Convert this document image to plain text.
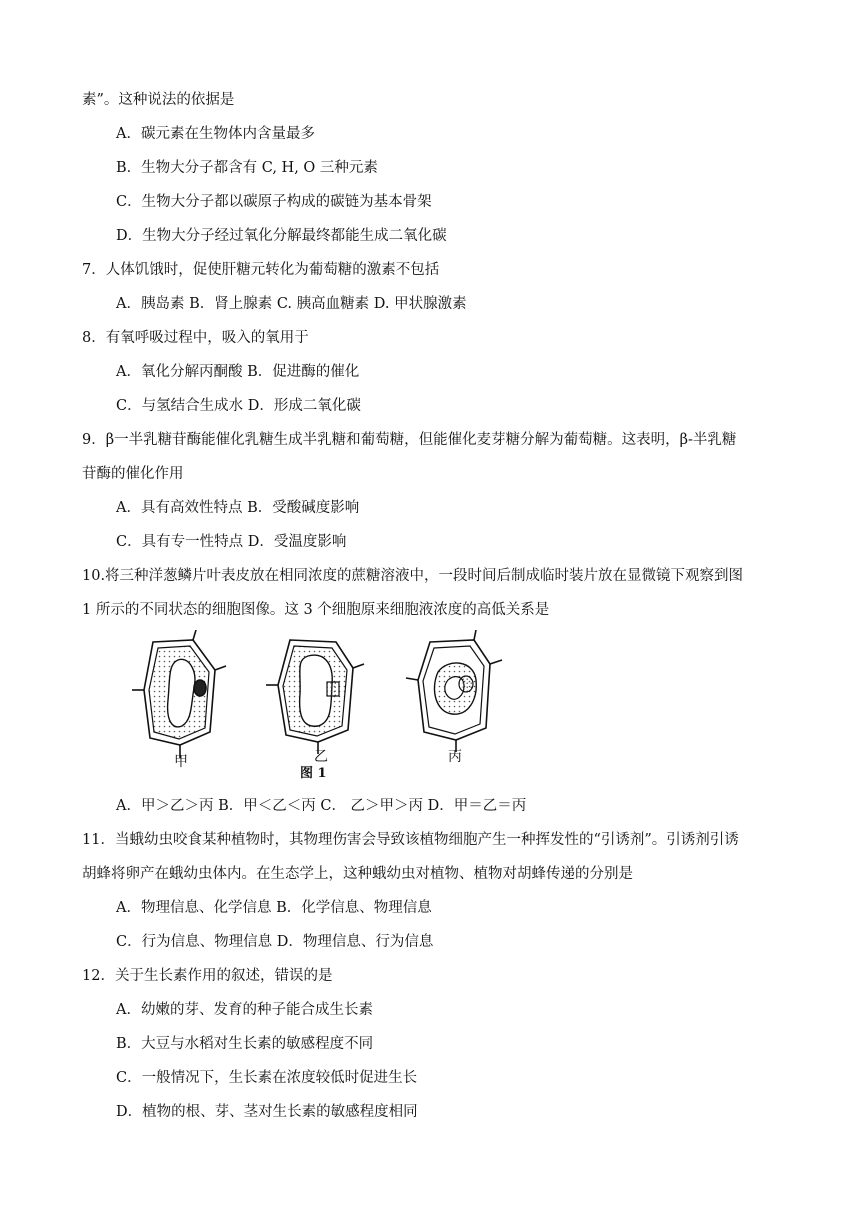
素”。这种说法的依据是
A．碳元素在生物体内含量最多
B．生物大分子都含有 C, H, O 三种元素
C．生物大分子都以碳原子构成的碳链为基本骨架
D．生物大分子经过氧化分解最终都能生成二氧化碳
7．人体饥饿时，促使肝糖元转化为葡萄糖的激素不包括
A．胰岛素 B．肾上腺素 C. 胰高血糖素 D. 甲状腺激素
8．有氧呼吸过程中，吸入的氧用于
A．氧化分解丙酮酸 B．促进酶的催化
C．与氢结合生成水 D．形成二氧化碳
9．β一半乳糖苷酶能催化乳糖生成半乳糖和葡萄糖，但能催化麦芽糖分解为葡萄糖。这表明，β-半乳糖
苷酶的催化作用
A．具有高效性特点 B．受酸碱度影响
C．具有专一性特点 D．受温度影响
10.将三种洋葱鳞片叶表皮放在相同浓度的蔗糖溶液中，一段时间后制成临时装片放在显微镜下观察到图
1 所示的不同状态的细胞图像。这 3 个细胞原来细胞液浓度的高低关系是
甲	乙	丙
图 1
A．甲＞乙＞丙 B．甲＜乙＜丙 C． 乙＞甲＞丙 D．甲＝乙＝丙
11．当蛾幼虫咬食某种植物时，其物理伤害会导致该植物细胞产生一种挥发性的“引诱剂”。引诱剂引诱
胡蜂将卵产在蛾幼虫体内。在生态学上，这种蛾幼虫对植物、植物对胡蜂传递的分别是
A．物理信息、化学信息 B．化学信息、物理信息
C．行为信息、物理信息 D．物理信息、行为信息
12．关于生长素作用的叙述，错误的是
A．幼嫩的芽、发育的种子能合成生长素
B．大豆与水稻对生长素的敏感程度不同
C．一般情况下，生长素在浓度较低时促进生长
D．植物的根、芽、茎对生长素的敏感程度相同
